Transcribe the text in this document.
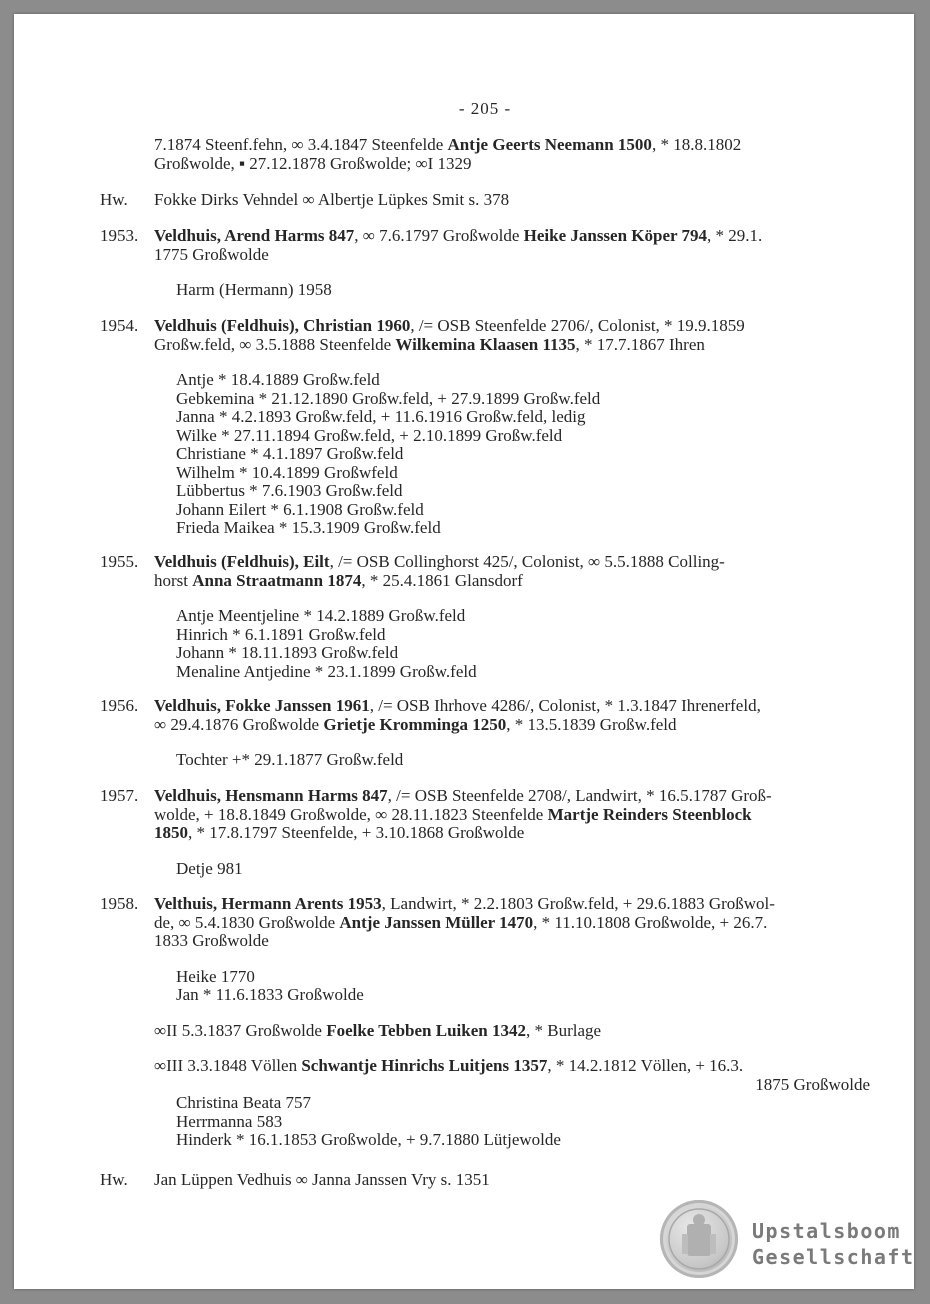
- 205 -
7.1874 Steenf.fehn, ∞ 3.4.1847 Steenfelde Antje Geerts Neemann 1500, * 18.8.1802
Großwolde, ▪ 27.12.1878 Großwolde; ∞I 1329
Hw. Fokke Dirks Vehndel ∞ Albertje Lüpkes Smit s. 378
1953. Veldhuis, Arend Harms 847, ∞ 7.6.1797 Großwolde Heike Janssen Köper 794, * 29.1.
1775 Großwolde
Harm (Hermann) 1958
1954. Veldhuis (Feldhuis), Christian 1960, /= OSB Steenfelde 2706/, Colonist, * 19.9.1859
Großw.feld, ∞ 3.5.1888 Steenfelde Wilkemina Klaasen 1135, * 17.7.1867 Ihren
Antje * 18.4.1889 Großw.feld
Gebkemina * 21.12.1890 Großw.feld, + 27.9.1899 Großw.feld
Janna * 4.2.1893 Großw.feld, + 11.6.1916 Großw.feld, ledig
Wilke * 27.11.1894 Großw.feld, + 2.10.1899 Großw.feld
Christiane * 4.1.1897 Großw.feld
Wilhelm * 10.4.1899 Großwfeld
Lübbertus * 7.6.1903 Großw.feld
Johann Eilert * 6.1.1908 Großw.feld
Frieda Maikea * 15.3.1909 Großw.feld
1955. Veldhuis (Feldhuis), Eilt, /= OSB Collinghorst 425/, Colonist, ∞ 5.5.1888 Colling-
horst Anna Straatmann 1874, * 25.4.1861 Glansdorf
Antje Meentjeline * 14.2.1889 Großw.feld
Hinrich * 6.1.1891 Großw.feld
Johann * 18.11.1893 Großw.feld
Menaline Antjedine * 23.1.1899 Großw.feld
1956. Veldhuis, Fokke Janssen 1961, /= OSB Ihrhove 4286/, Colonist, * 1.3.1847 Ihrenerfeld,
∞ 29.4.1876 Großwolde Grietje Kromminga 1250, * 13.5.1839 Großw.feld
Tochter +* 29.1.1877 Großw.feld
1957. Veldhuis, Hensmann Harms 847, /= OSB Steenfelde 2708/, Landwirt, * 16.5.1787 Groß-
wolde, + 18.8.1849 Großwolde, ∞ 28.11.1823 Steenfelde Martje Reinders Steenblock
1850, * 17.8.1797 Steenfelde, + 3.10.1868 Großwolde
Detje 981
1958. Velthuis, Hermann Arents 1953, Landwirt, * 2.2.1803 Großw.feld, + 29.6.1883 Großwol-
de, ∞ 5.4.1830 Großwolde Antje Janssen Müller 1470, * 11.10.1808 Großwolde, + 26.7.
1833 Großwolde
Heike 1770
Jan * 11.6.1833 Großwolde
∞II 5.3.1837 Großwolde Foelke Tebben Luiken 1342, * Burlage
∞III 3.3.1848 Völlen Schwantje Hinrichs Luitjens 1357, * 14.2.1812 Völlen, + 16.3.
1875 Großwolde
Christina Beata 757
Herrmanna 583
Hinderk * 16.1.1853 Großwolde, + 9.7.1880 Lütjewolde
Hw. Jan Lüppen Vedhuis ∞ Janna Janssen Vry s. 1351
Upstalsboom
Gesellschaft
